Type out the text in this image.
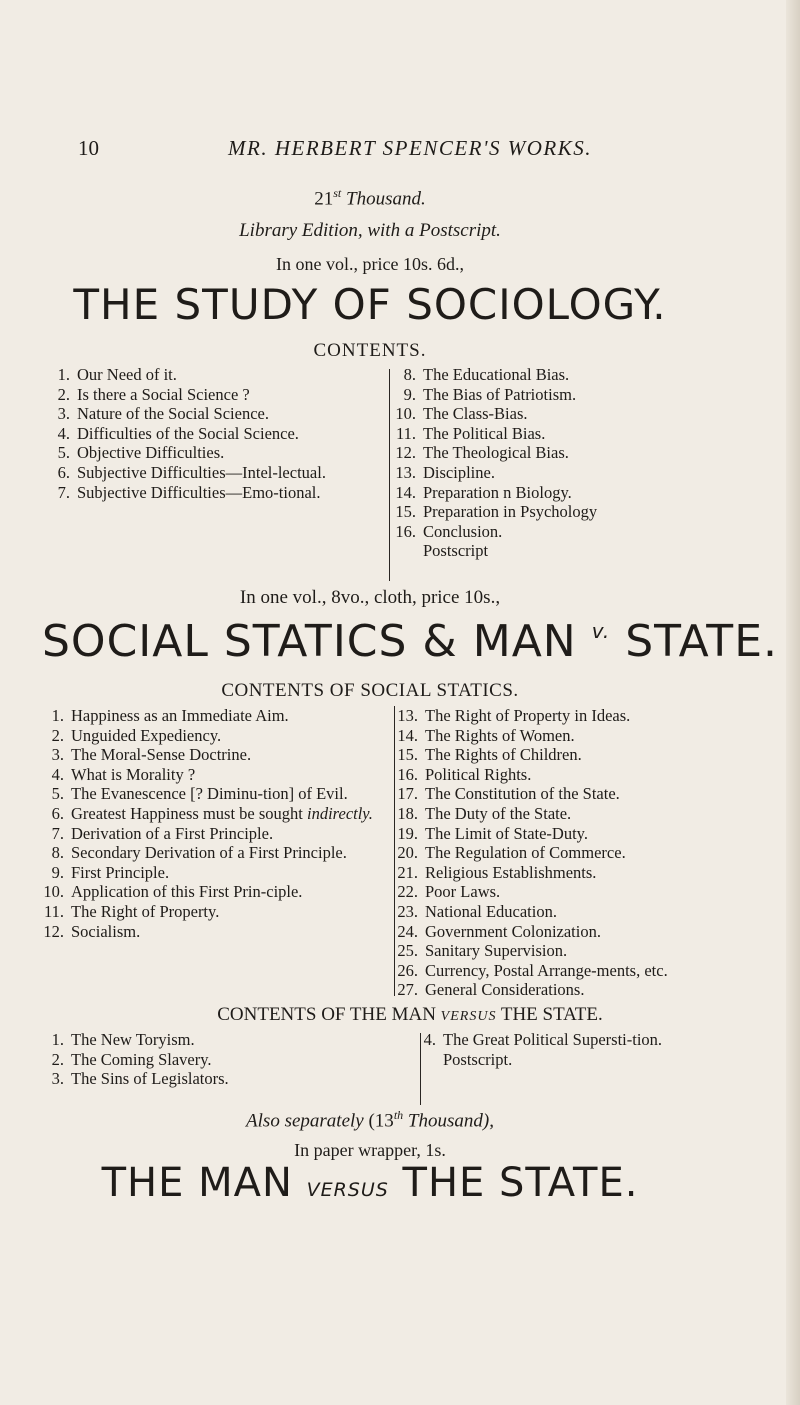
10	MR. HERBERT SPENCER'S WORKS.
21st Thousand.
Library Edition, with a Postscript.
In one vol., price 10s. 6d.,
THE STUDY OF SOCIOLOGY.
CONTENTS.
1. Our Need of it.
2. Is there a Social Science ?
3. Nature of the Social Science.
4. Difficulties of the Social Science.
5. Objective Difficulties.
6. Subjective Difficulties—Intel-lectual.
7. Subjective Difficulties—Emo-tional.
8. The Educational Bias.
9. The Bias of Patriotism.
10. The Class-Bias.
11. The Political Bias.
12. The Theological Bias.
13. Discipline.
14. Preparation n Biology.
15. Preparation in Psychology
16. Conclusion.
Postscript
In one vol., 8vo., cloth, price 10s.,
SOCIAL STATICS & MAN $^{v.}$ STATE.
CONTENTS OF SOCIAL STATICS.
1. Happiness as an Immediate Aim.
2. Unguided Expediency.
3. The Moral-Sense Doctrine.
4. What is Morality ?
5. The Evanescence [? Diminu-tion] of Evil.
6. Greatest Happiness must be sought indirectly.
7. Derivation of a First Principle.
8. Secondary Derivation of a First Principle.
9. First Principle.
10. Application of this First Prin-ciple.
11. The Right of Property.
12. Socialism.
13. The Right of Property in Ideas.
14. The Rights of Women.
15. The Rights of Children.
16. Political Rights.
17. The Constitution of the State.
18. The Duty of the State.
19. The Limit of State-Duty.
20. The Regulation of Commerce.
21. Religious Establishments.
22. Poor Laws.
23. National Education.
24. Government Colonization.
25. Sanitary Supervision.
26. Currency, Postal Arrange-ments, etc.
27. General Considerations.
CONTENTS OF THE MAN VERSUS THE STATE.
1. The New Toryism.
2. The Coming Slavery.
3. The Sins of Legislators.
4. The Great Political Supersti-tion.
Postscript.
Also separately (13th Thousand),
In paper wrapper, 1s.
THE MAN VERSUS THE STATE.
